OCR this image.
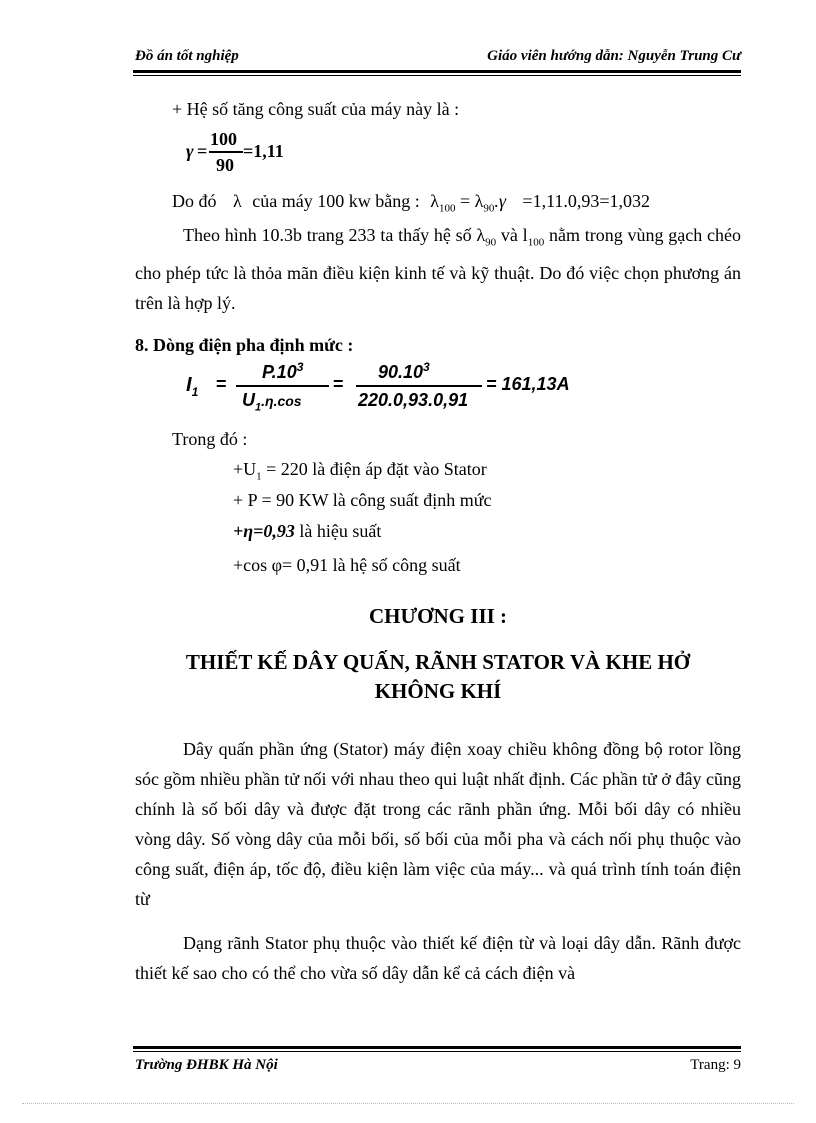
Đồ án tốt nghiệp	Giáo viên hướng dẫn: Nguyễn Trung Cư
+ Hệ số tăng công suất của máy này là :
γ =
100
90
=1,11
Do đó λ của máy 100 kw bằng : $\lambda_{100} = \lambda_{90}.\gamma =1,11.0,93=1,032$
Theo hình 10.3b trang 233 ta thấy hệ số $\lambda_{90}$ và $l_{100}$ nằm trong vùng gạch chéo cho phép tức là thỏa mãn điều kiện kinh tế và kỹ thuật. Do đó việc chọn phương án trên là hợp lý.
8. Dòng điện pha định mức :
$I_1$ =
$P.10^3$
$U_1.\eta.\cos$
=
$90.10^3$
220.0,93.0,91
= 161,13A
Trong đó :
$+U_1 = 220$ là điện áp đặt vào Stator
+ P = 90 KW là công suất định mức
+η=0,93 là hiệu suất
+cos φ= 0,91 là hệ số công suất
CHƯƠNG III :
THIẾT KẾ DÂY QUẤN, RÃNH STATOR VÀ KHE HỞ
KHÔNG KHÍ
Dây quấn phần ứng (Stator) máy điện xoay chiều không đồng bộ rotor lồng sóc gồm nhiều phần tử nối với nhau theo qui luật nhất định. Các phần tử ở đây cũng chính là số bối dây và được đặt trong các rãnh phần ứng. Mỗi bối dây có nhiều vòng dây. Số vòng dây của mỗi bối, số bối của mỗi pha và cách nối phụ thuộc vào công suất, điện áp, tốc độ, điều kiện làm việc của máy... và quá trình tính toán điện từ
Dạng rãnh Stator phụ thuộc vào thiết kế điện từ và loại dây dẫn. Rãnh được thiết kế sao cho có thể cho vừa số dây dẫn kể cả cách điện và
Trường ĐHBK Hà Nội	Trang: 9
